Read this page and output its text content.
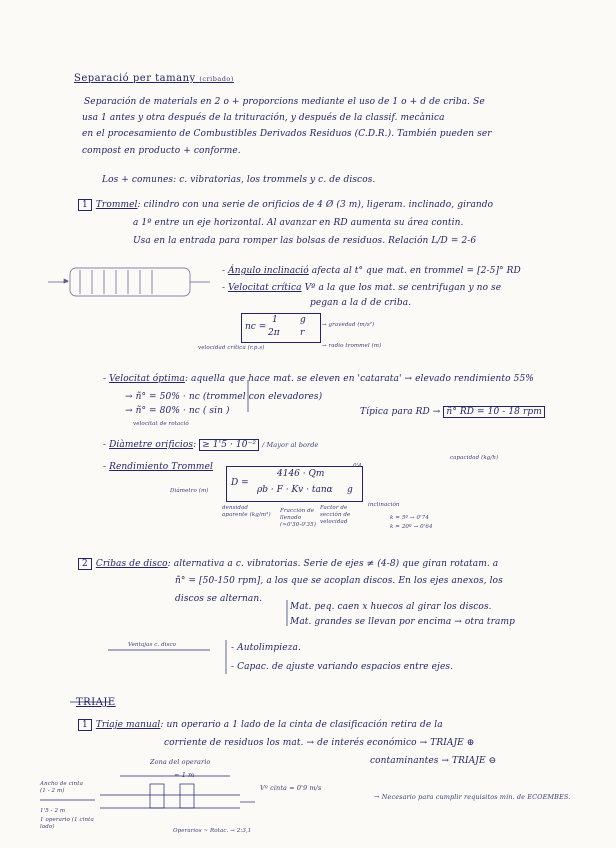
Separació per tamany (cribado)
Separación de materials en 2 o + proporcions mediante el uso de 1 o + d de criba. Se
usa 1 antes y otra después de la trituración, y después de la classif. mecànica
en el procesamiento de Combustibles Derivados Residuos (C.D.R.). También pueden ser
compost en producto + conforme.
Los + comunes: c. vibratorias, los trommels y c. de discos.
1 Trommel: cilindro con una serie de orificios de 4 Ø (3 m), ligeram. inclinado, girando
a 1º entre un eje horizontal. Al avanzar en RD aumenta su área contin.
Usa en la entrada para romper las bolsas de residuos. Relación L/D = 2-6
- Ángulo inclinació afecta al t° que mat. en trommel = [2-5]° RD
- Velocitat crítica Vº a la que los mat. se centrifugan y no se
pegan a la d de criba.
nc =
1
2π
g
r
→ gravedad (m/s²)
→ radio trommel (m)
velocidad crítica (r.p.s)
- Velocitat óptima: aquella que hace mat. se eleven en 'catarata' → elevado rendimiento 55%
→ ñ° = 50% · nc (trommel con elevadores)
→ ñ° = 80% · nc ( sin )
velocitat de rotació
Típica para RD → ñ° RD = 10 - 18 rpm
- Diàmetre orificios: ≥ 1'5 · 10⁻² / Mayor al borde
- Rendimiento Trommel
capacidad (kg/h)
Diámetro (m)
D =
4146 · Qm
ρb · F · Kv · tanα g
0'4
densidad aparente (kg/m³)
Fracción de llenado (≈0'30-0'35)
Factor de sección de velocidad
inclinación
k = 5º → 0'74
k = 20º → 0'64
2 Cribas de disco: alternativa a c. vibratorias. Serie de ejes ≠ (4-8) que giran rotatam. a
ñ° = [50-150 rpm], a los que se acoplan discos. En los ejes anexos, los
discos se alternan.
Mat. peq. caen x huecos al girar los discos.
Mat. grandes se llevan por encima → otra tramp
Ventajas c. disco	- Autolimpieza.
- Capac. de ajuste variando espacios entre ejes.
TRIAJE
1 Triaje manual: un operario a 1 lado de la cinta de clasificación retira de la
corriente de residuos los mat. → de interés económico → TRIAJE ⊕
contaminantes → TRIAJE ⊖
Zona del operario
≈ 1 m
Ancho de cinta (1 - 2 m)
1'5 - 2 m
1 operario (1 cinta lado)
Vº cinta ≈ 0'9 m/s
→ Necesario para cumplir requisitos mín. de ECOEMBES.
Operarios ~ Rotac. → 2:3,1
